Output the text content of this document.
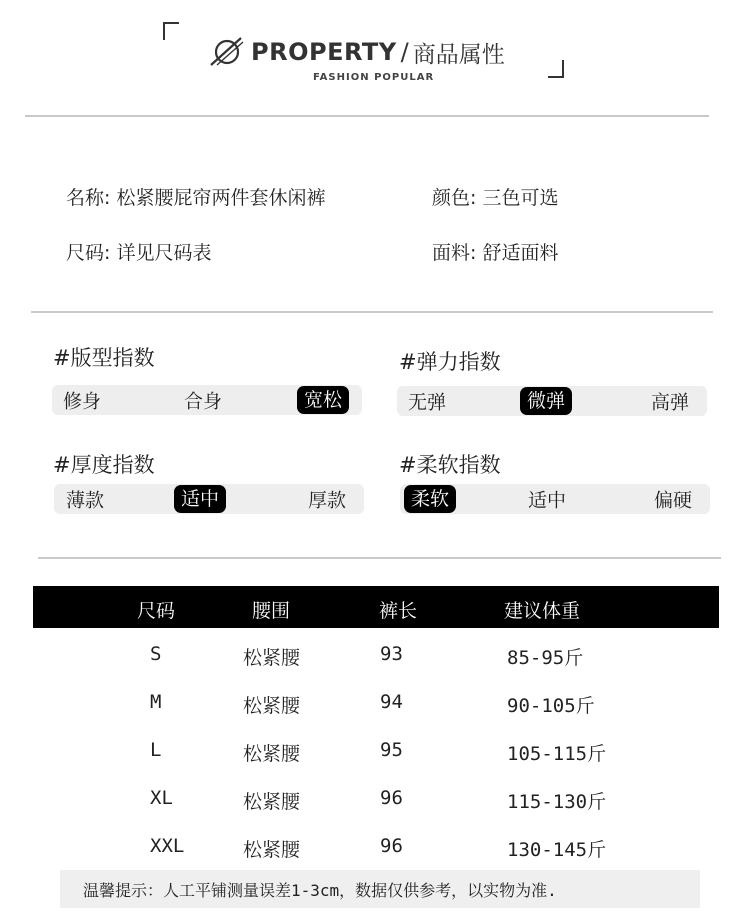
PROPERTY / 商品属性
FASHION POPULAR
名称: 松紧腰屁帘两件套休闲裤	颜色: 三色可选
尺码: 详见尺码表	面料: 舒适面料
#版型指数
修身	合身	宽松
#弹力指数
无弹	微弹	高弹
#厚度指数
薄款	适中	厚款
#柔软指数
柔软	适中	偏硬
尺码	腰围	裤长	建议体重
S	松紧腰	93	85-95斤
M	松紧腰	94	90-105斤
L	松紧腰	95	105-115斤
XL	松紧腰	96	115-130斤
XXL	松紧腰	96	130-145斤
温馨提示：人工平铺测量误差1-3cm，数据仅供参考，以实物为准.
